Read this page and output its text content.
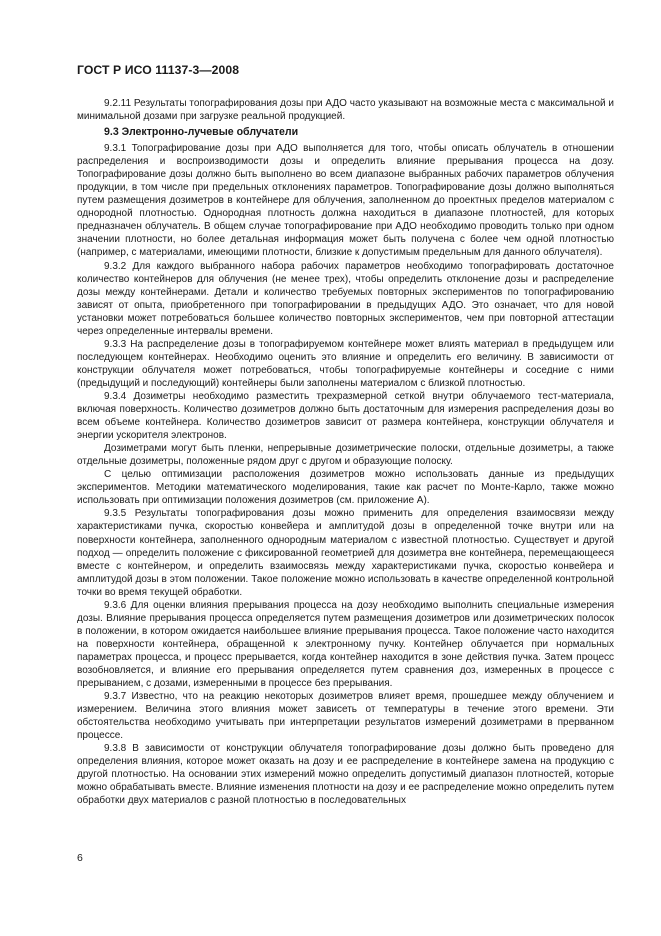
ГОСТ Р ИСО 11137-3—2008

9.2.11 Результаты топографирования дозы при АДО часто указывают на возможные места с максимальной и минимальной дозами при загрузке реальной продукцией.

9.3 Электронно-лучевые облучатели

9.3.1 Топографирование дозы при АДО выполняется для того, чтобы описать облучатель в отношении распределения и воспроизводимости дозы и определить влияние прерывания процесса на дозу. Топографирование дозы должно быть выполнено во всем диапазоне выбранных рабочих параметров облучения продукции, в том числе при предельных отклонениях параметров. Топографирование дозы должно выполняться путем размещения дозиметров в контейнере для облучения, заполненном до проектных пределов материалом с однородной плотностью. Однородная плотность должна находиться в диапазоне плотностей, для которых предназначен облучатель. В общем случае топографирование при АДО необходимо проводить только при одном значении плотности, но более детальная информация может быть получена с более чем одной плотностью (например, с материалами, имеющими плотности, близкие к допустимым предельным для данного облучателя).

9.3.2 Для каждого выбранного набора рабочих параметров необходимо топографировать достаточное количество контейнеров для облучения (не менее трех), чтобы определить отклонение дозы и распределение дозы между контейнерами. Детали и количество требуемых повторных экспериментов по топографированию зависят от опыта, приобретенного при топографировании в предыдущих АДО. Это означает, что для новой установки может потребоваться большее количество повторных экспериментов, чем при повторной аттестации через определенные интервалы времени.

9.3.3 На распределение дозы в топографируемом контейнере может влиять материал в предыдущем или последующем контейнерах. Необходимо оценить это влияние и определить его величину. В зависимости от конструкции облучателя может потребоваться, чтобы топографируемые контейнеры и соседние с ними (предыдущий и последующий) контейнеры были заполнены материалом с близкой плотностью.

9.3.4 Дозиметры необходимо разместить трехразмерной сеткой внутри облучаемого тест-материала, включая поверхность. Количество дозиметров должно быть достаточным для измерения распределения дозы во всем объеме контейнера. Количество дозиметров зависит от размера контейнера, конструкции облучателя и энергии ускорителя электронов.

Дозиметрами могут быть пленки, непрерывные дозиметрические полоски, отдельные дозиметры, а также отдельные дозиметры, положенные рядом друг с другом и образующие полоску.

С целью оптимизации расположения дозиметров можно использовать данные из предыдущих экспериментов. Методики математического моделирования, такие как расчет по Монте-Карло, также можно использовать при оптимизации положения дозиметров (см. приложение А).

9.3.5 Результаты топографирования дозы можно применить для определения взаимосвязи между характеристиками пучка, скоростью конвейера и амплитудой дозы в определенной точке внутри или на поверхности контейнера, заполненного однородным материалом с известной плотностью. Существует и другой подход — определить положение с фиксированной геометрией для дозиметра вне контейнера, перемещающееся вместе с контейнером, и определить взаимосвязь между характеристиками пучка, скоростью конвейера и амплитудой дозы в этом положении. Такое положение можно использовать в качестве определенной контрольной точки во время текущей обработки.

9.3.6 Для оценки влияния прерывания процесса на дозу необходимо выполнить специальные измерения дозы. Влияние прерывания процесса определяется путем размещения дозиметров или дозиметрических полосок в положении, в котором ожидается наибольшее влияние прерывания процесса. Такое положение часто находится на поверхности контейнера, обращенной к электронному пучку. Контейнер облучается при нормальных параметрах процесса, и процесс прерывается, когда контейнер находится в зоне действия пучка. Затем процесс возобновляется, и влияние его прерывания определяется путем сравнения доз, измеренных в процессе с прерыванием, с дозами, измеренными в процессе без прерывания.

9.3.7 Известно, что на реакцию некоторых дозиметров влияет время, прошедшее между облучением и измерением. Величина этого влияния может зависеть от температуры в течение этого времени. Эти обстоятельства необходимо учитывать при интерпретации результатов измерений дозиметрами в прерванном процессе.

9.3.8 В зависимости от конструкции облучателя топографирование дозы должно быть проведено для определения влияния, которое может оказать на дозу и ее распределение в контейнере замена на продукцию с другой плотностью. На основании этих измерений можно определить допустимый диапазон плотностей, которые можно обрабатывать вместе. Влияние изменения плотности на дозу и ее распределение можно определить путем обработки двух материалов с разной плотностью в последовательных

6
